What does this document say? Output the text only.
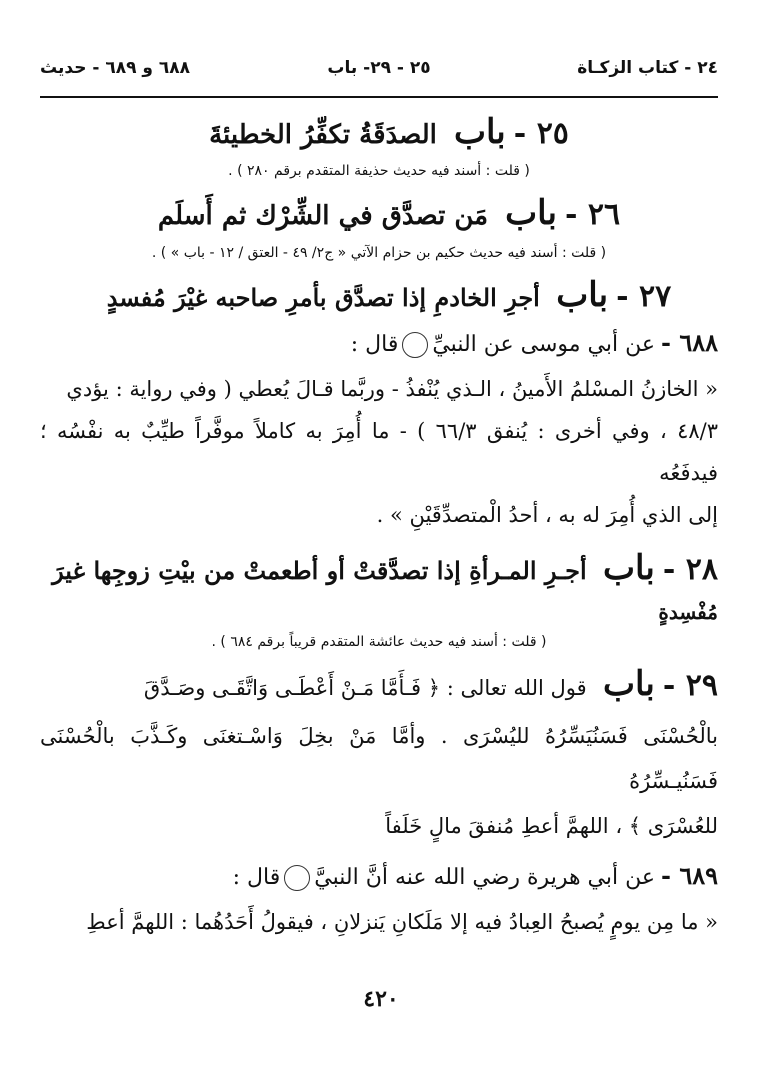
٢٤ - كتاب الزكـاة
٢٥ - ٢٩- باب
٦٨٨ و ٦٨٩ - حديث
٢٥ -باب الصدَقَةُ تكفِّرُ الخطيئةَ
( قلت : أسند فيه حديث حذيفة المتقدم برقم ٢٨٠ ) .
٢٦ -باب مَن تصدَّق في الشِّرْك ثم أَسلَم
( قلت : أسند فيه حديث حكيم بن حزام الآتي « ج٢/ ٤٩ - العتق / ١٢ - باب » ) .
٢٧ -باب أجرِ الخادمِ إذا تصدَّق بأمرِ صاحبه غيْرَ مُفسدٍ
٦٨٨ -عن أبي موسى عن النبيِّقال :
« الخازنُ المسْلمُ الأَمينُ ، الـذي يُنْفذُ - وربَّما قـالَ يُعطي ( وفي رواية : يؤدي
٤٨/٣ ، وفي أخرى : يُنفق ٦٦/٣ ) - ما أُمِرَ به كاملاً موفَّراً طيِّبٌ به نفْسُه ؛ فيدفَعُه
إلى الذي أُمِرَ له به ، أحدُ الْمتصدِّقَيْنِ » .
٢٨ -باب أجـرِ المـرأةِ إذا تصدَّقتْ أو أطعمتْ من بيْتِ زوجِها غيرَ
مُفْسِدةٍ
( قلت : أسند فيه حديث عائشة المتقدم قريباً برقم ٦٨٤ ) .
٢٩ -باب قول الله تعالى : ﴿ فَـأَمَّا مَـنْ أَعْطَـى وَاتَّقَـى وصَـدَّقَ
بالْحُسْنَى فَسَنُيَسِّرُهُ لليُسْرَى . وأمَّا مَنْ بخِلَ وَاسْـتغنَى وكَـذَّبَ بالْحُسْنَى فَسَنُيـسِّرُهُ
للعُسْرَى ﴾ ، اللهمَّ أعطِ مُنفقَ مالٍ خَلَفاً
٦٨٩ -عن أبي هريرة رضي الله عنه أنَّ النبيَّقال :
« ما مِن يومٍ يُصبحُ العِبادُ فيه إلا مَلَكانِ يَنزلانِ ، فيقولُ أَحَدُهُما : اللهمَّ أعطِ
٤٢٠
